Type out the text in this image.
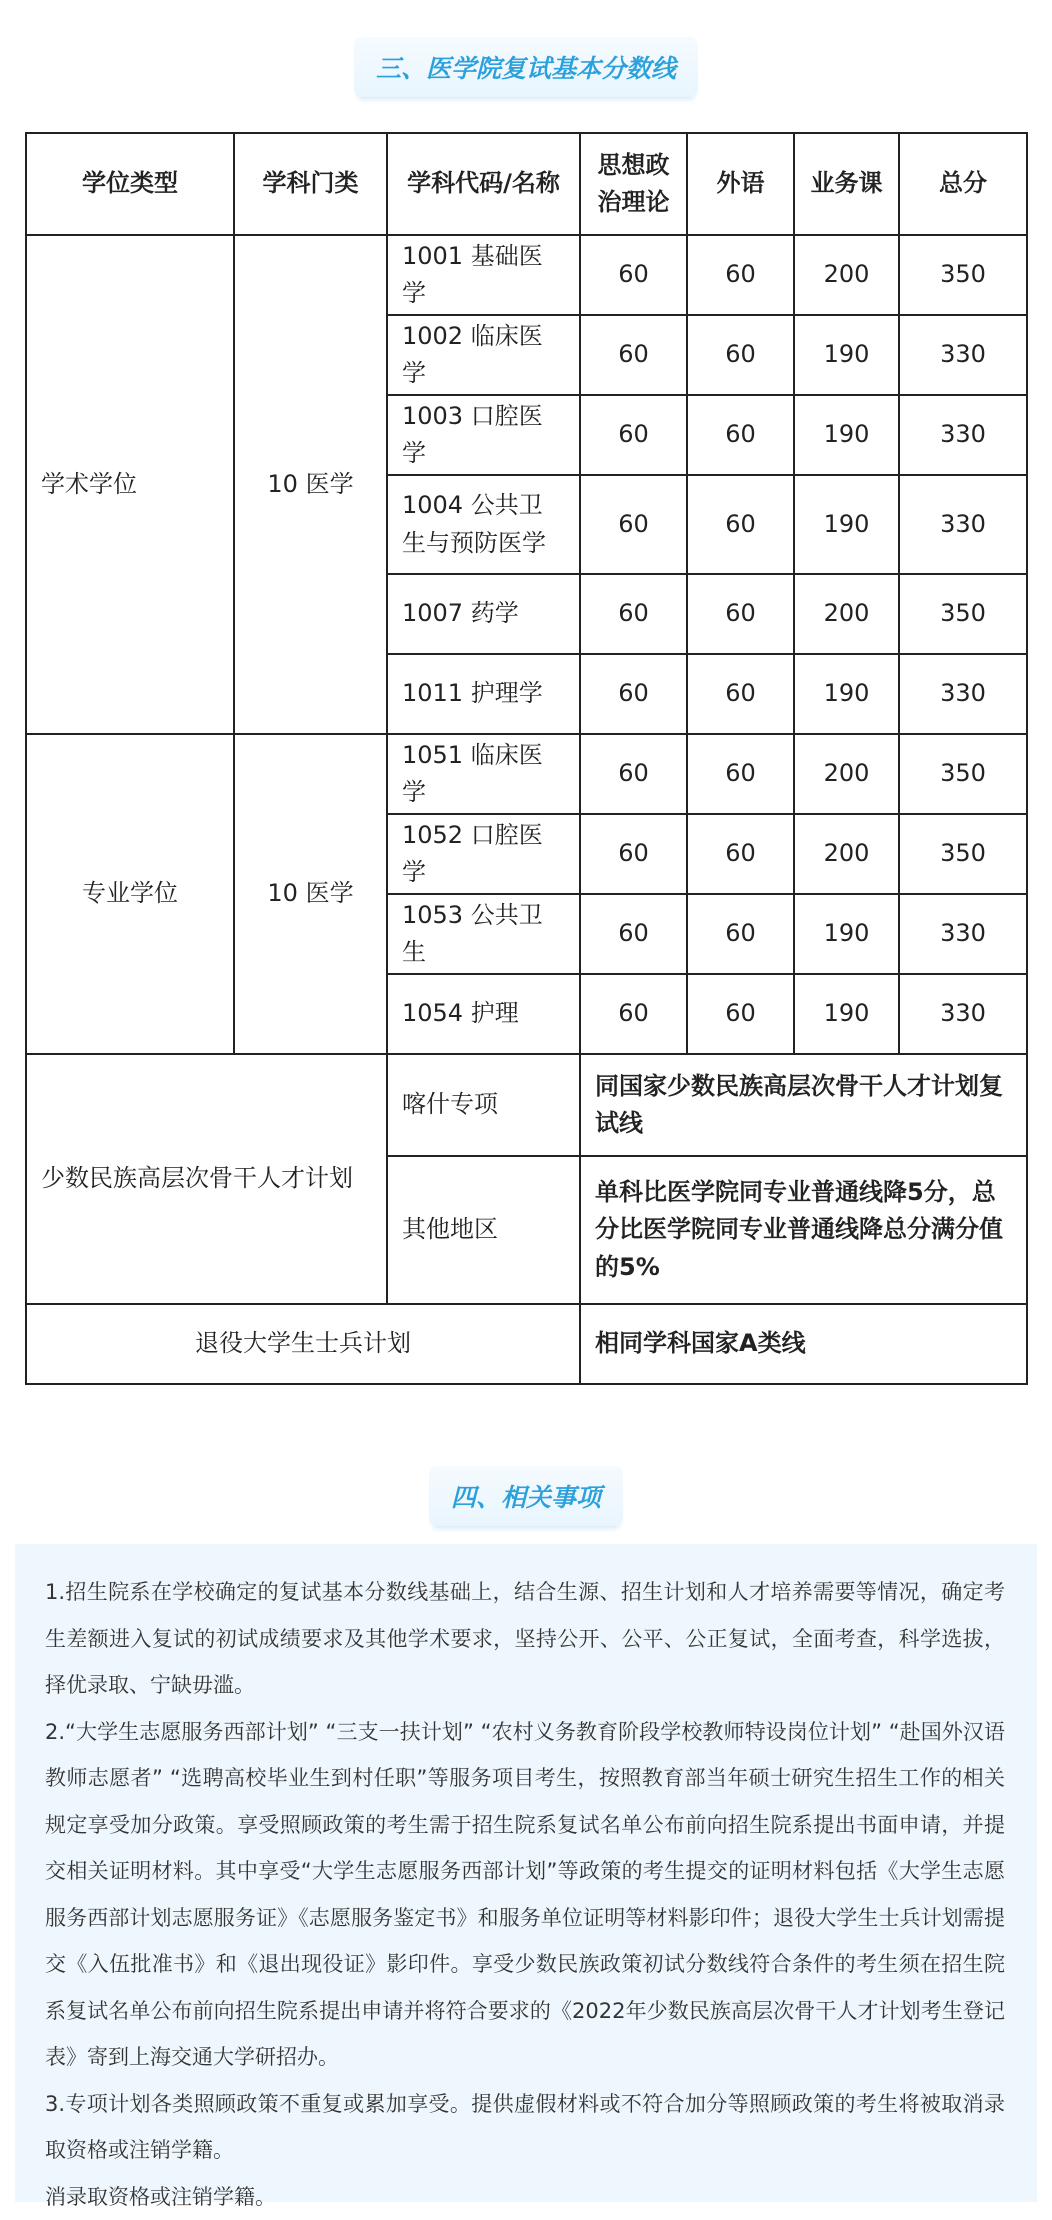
三、医学院复试基本分数线
学位类型	学科门类	学科代码/名称	思想政治理论	外语	业务课	总分
学术学位	10 医学	1001 基础医学	60	60	200	350
		1002 临床医学	60	60	190	330
		1003 口腔医学	60	60	190	330
		1004 公共卫生与预防医学	60	60	190	330
		1007 药学	60	60	200	350
		1011 护理学	60	60	190	330
专业学位	10 医学	1051 临床医学	60	60	200	350
		1052 口腔医学	60	60	200	350
		1053 公共卫生	60	60	190	330
		1054 护理	60	60	190	330
少数民族高层次骨干人才计划		喀什专项	同国家少数民族高层次骨干人才计划复试线			
		其他地区	单科比医学院同专业普通线降5分，总分比医学院同专业普通线降总分满分值的5%			
退役大学生士兵计划			相同学科国家A类线			
四、相关事项

1.招生院系在学校确定的复试基本分数线基础上，结合生源、招生计划和人才培养需要等情况，确定考生差额进入复试的初试成绩要求及其他学术要求，坚持公开、公平、公正复试，全面考查，科学选拔，择优录取、宁缺毋滥。

2.“大学生志愿服务西部计划” “三支一扶计划” “农村义务教育阶段学校教师特设岗位计划” “赴国外汉语教师志愿者” “选聘高校毕业生到村任职”等服务项目考生，按照教育部当年硕士研究生招生工作的相关规定享受加分政策。享受照顾政策的考生需于招生院系复试名单公布前向招生院系提出书面申请，并提交相关证明材料。其中享受“大学生志愿服务西部计划”等政策的考生提交的证明材料包括《大学生志愿服务西部计划志愿服务证》《志愿服务鉴定书》和服务单位证明等材料影印件；退役大学生士兵计划需提交《入伍批准书》和《退出现役证》影印件。享受少数民族政策初试分数线符合条件的考生须在招生院系复试名单公布前向招生院系提出申请并将符合要求的《2022年少数民族高层次骨干人才计划考生登记表》寄到上海交通大学研招办。

3.专项计划各类照顾政策不重复或累加享受。提供虚假材料或不符合加分等照顾政策的考生将被取消录取资格或注销学籍。

消录取资格或注销学籍。
